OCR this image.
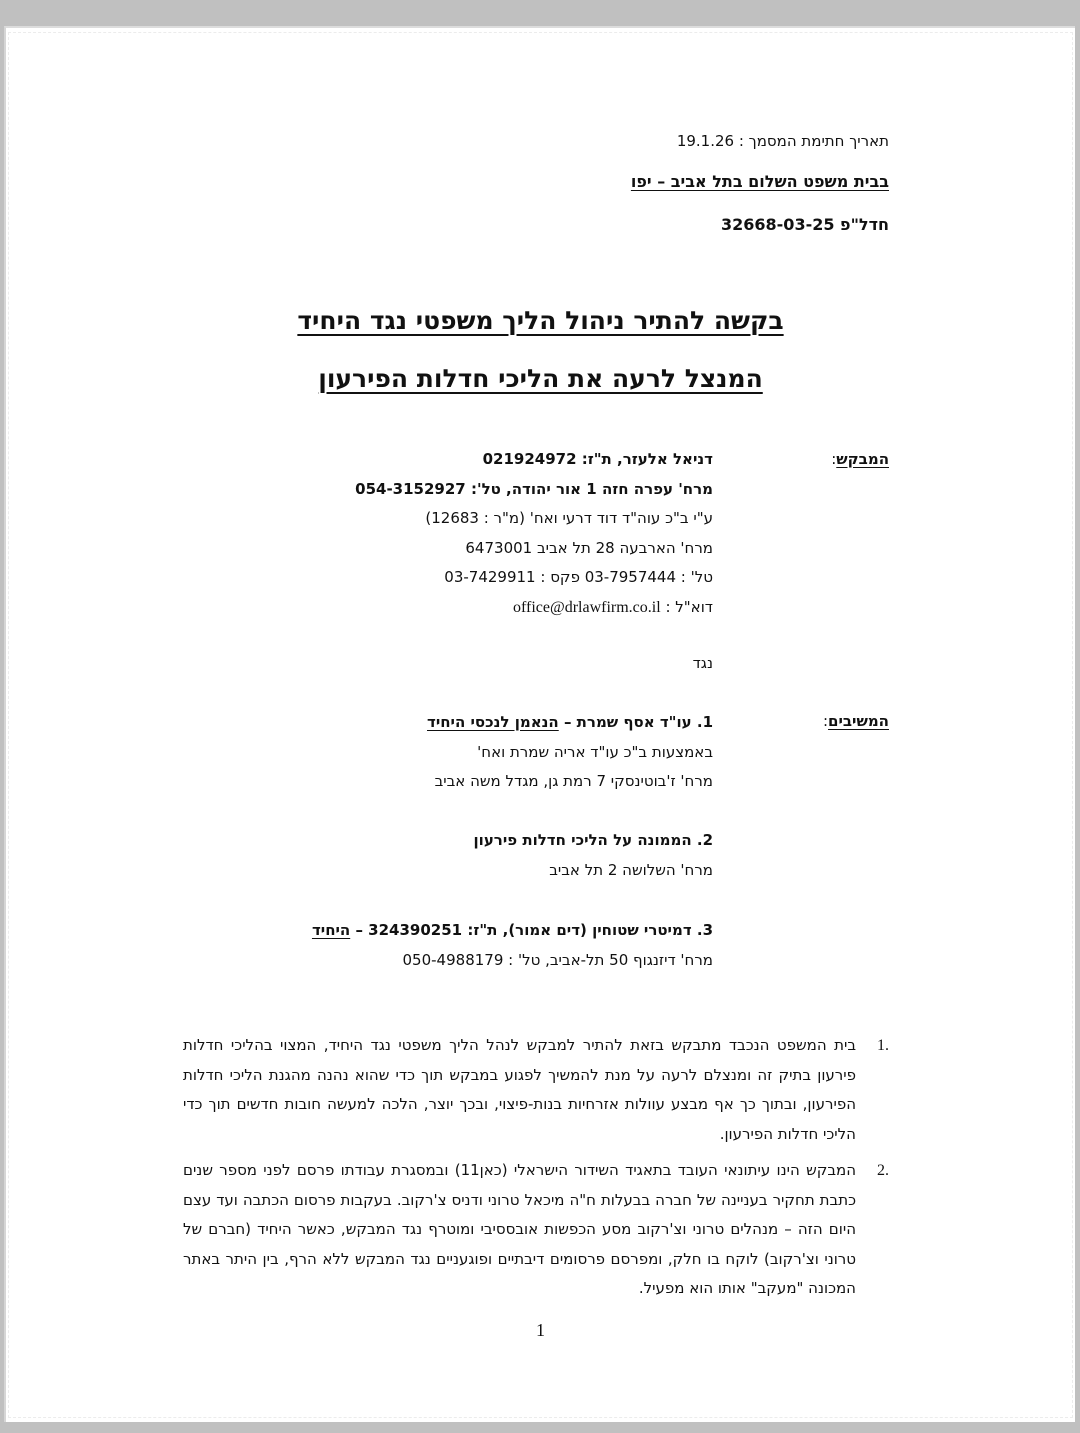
תאריך חתימת המסמך : 19.1.26
בבית משפט השלום בתל אביב – יפו
חדל"פ 32668-03-25
בקשה להתיר ניהול הליך משפטי נגד היחיד
המנצל לרעה את הליכי חדלות הפירעון
המבקש:
דניאל אלעזר, ת"ז: 021924972
מרח' עפרה חזה 1 אור יהודה, טל': 054-3152927
ע"י ב"כ עוה"ד דוד דרעי ואח' (מ"ר : 12683)
מרח' הארבעה 28 תל אביב 6473001
טל' : 03-7957444 פקס : 03-7429911
דוא"ל : office@drlawfirm.co.il
נגד
המשיבים:
1. עו"ד אסף שמרת – הנאמן לנכסי היחיד
באמצעות ב"כ עו"ד אריה שמרת ואח'
מרח' ז'בוטינסקי 7 רמת גן, מגדל משה אביב
2. הממונה על הליכי חדלות פירעון
מרח' השלושה 2 תל אביב
3. דמיטרי שטוחין (דים אמור), ת"ז: 324390251 – היחיד
מרח' דיזנגוף 50 תל-אביב, טל' : 050-4988179
.1
בית המשפט הנכבד מתבקש בזאת להתיר למבקש לנהל הליך משפטי נגד היחיד, המצוי בהליכי חדלות פירעון בתיק זה ומנצלם לרעה על מנת להמשיך לפגוע במבקש תוך כדי שהוא נהנה מהגנת הליכי חדלות הפירעון, ובתוך כך אף מבצע עוולות אזרחיות בנות-פיצוי, ובכך יוצר, הלכה למעשה חובות חדשים תוך כדי הליכי חדלות הפירעון.
.2
המבקש הינו עיתונאי העובד בתאגיד השידור הישראלי (כאן11) ובמסגרת עבודתו פרסם לפני מספר שנים כתבת תחקיר בעניינה של חברה בבעלות ח"ה מיכאל טרוני ודניס צ'רקוב. בעקבות פרסום הכתבה ועד עצם היום הזה – מנהלים טרוני וצ'רקוב מסע הכפשות אובססיבי ומוטרף נגד המבקש, כאשר היחיד (חברם של טרוני וצ'רקוב) לוקח בו חלק, ומפרסם פרסומים דיבתיים ופוגעניים נגד המבקש ללא הרף, בין היתר באתר המכונה "מעקב" אותו הוא מפעיל.
1
